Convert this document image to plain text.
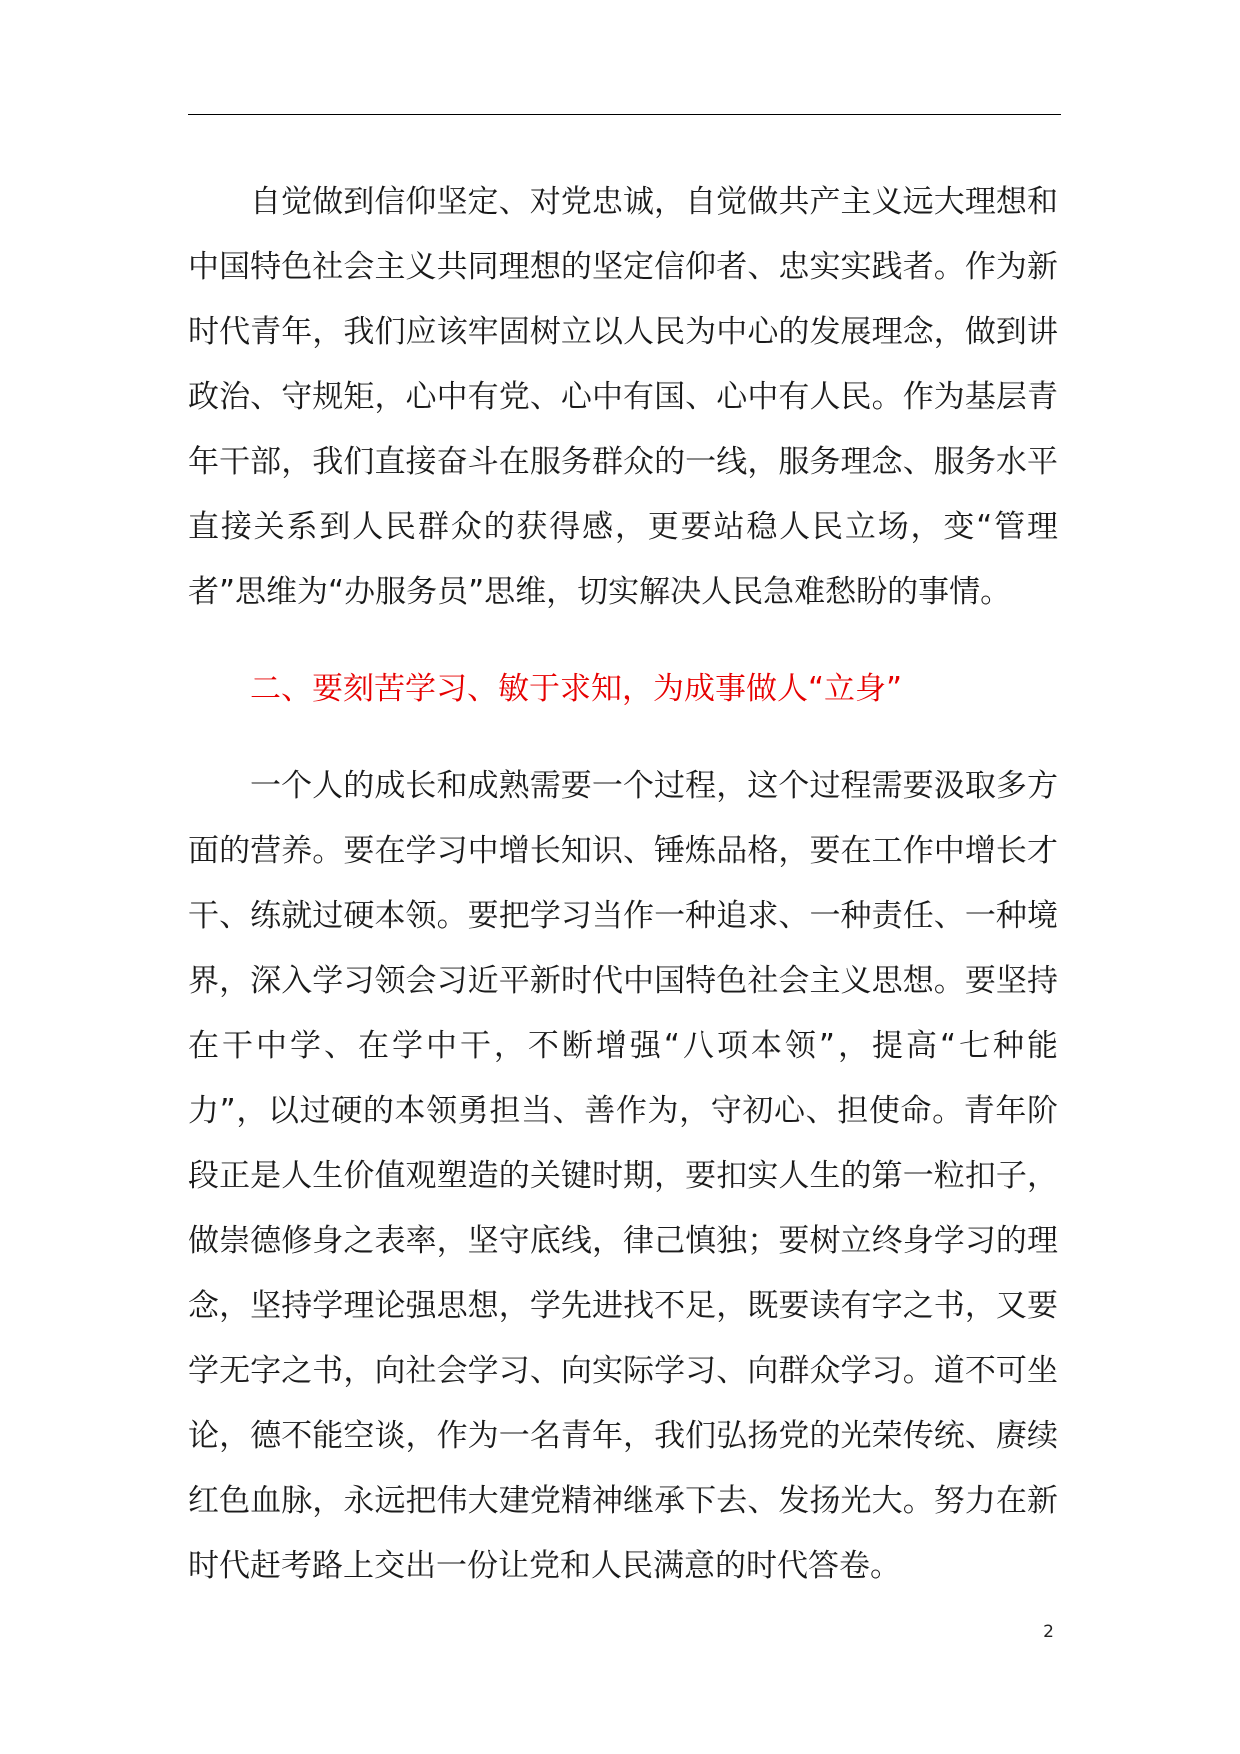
自觉做到信仰坚定、对党忠诚，自觉做共产主义远大理想和中国特色社会主义共同理想的坚定信仰者、忠实实践者。作为新时代青年，我们应该牢固树立以人民为中心的发展理念，做到讲政治、守规矩，心中有党、心中有国、心中有人民。作为基层青年干部，我们直接奋斗在服务群众的一线，服务理念、服务水平直接关系到人民群众的获得感，更要站稳人民立场，变“管理者”思维为“办服务员”思维，切实解决人民急难愁盼的事情。

二、要刻苦学习、敏于求知，为成事做人“立身”

一个人的成长和成熟需要一个过程，这个过程需要汲取多方面的营养。要在学习中增长知识、锤炼品格，要在工作中增长才干、练就过硬本领。要把学习当作一种追求、一种责任、一种境界，深入学习领会习近平新时代中国特色社会主义思想。要坚持在干中学、在学中干，不断增强“八项本领”，提高“七种能力”，以过硬的本领勇担当、善作为，守初心、担使命。青年阶段正是人生价值观塑造的关键时期，要扣实人生的第一粒扣子，做崇德修身之表率，坚守底线，律己慎独；要树立终身学习的理念，坚持学理论强思想，学先进找不足，既要读有字之书，又要学无字之书，向社会学习、向实际学习、向群众学习。道不可坐论，德不能空谈，作为一名青年，我们弘扬党的光荣传统、赓续红色血脉，永远把伟大建党精神继承下去、发扬光大。努力在新时代赶考路上交出一份让党和人民满意的时代答卷。

2
